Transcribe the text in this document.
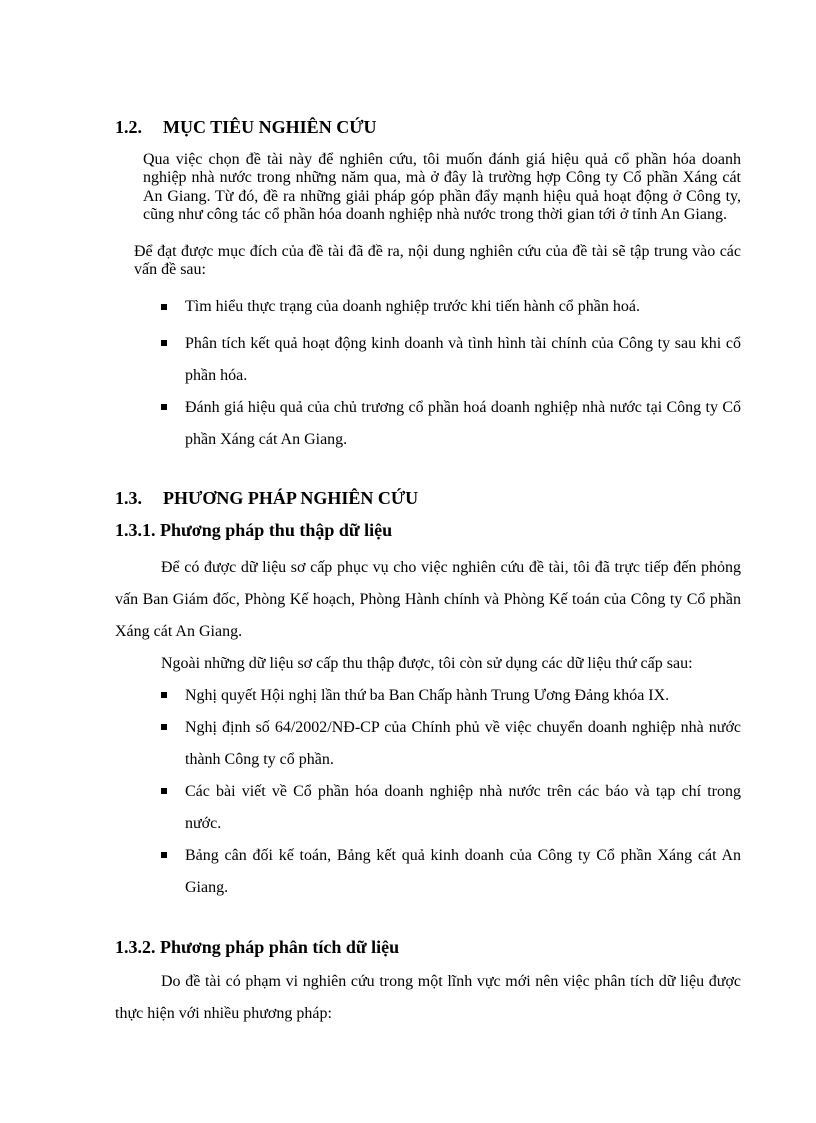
1.2. MỤC TIÊU NGHIÊN CỨU

Qua việc chọn đề tài này để nghiên cứu, tôi muốn đánh giá hiệu quả cổ phần hóa doanh nghiệp nhà nước trong những năm qua, mà ở đây là trường hợp Công ty Cổ phần Xáng cát An Giang. Từ đó, đề ra những giải pháp góp phần đẩy mạnh hiệu quả hoạt động ở Công ty, cũng như công tác cổ phần hóa doanh nghiệp nhà nước trong thời gian tới ở tỉnh An Giang.

Để đạt được mục đích của đề tài đã đề ra, nội dung nghiên cứu của đề tài sẽ tập trung vào các vấn đề sau:

Tìm hiểu thực trạng của doanh nghiệp trước khi tiến hành cổ phần hoá.
Phân tích kết quả hoạt động kinh doanh và tình hình tài chính của Công ty sau khi cổ phần hóa.
Đánh giá hiệu quả của chủ trương cổ phần hoá doanh nghiệp nhà nước tại Công ty Cổ phần Xáng cát An Giang.
1.3. PHƯƠNG PHÁP NGHIÊN CỨU
1.3.1. Phương pháp thu thập dữ liệu

Để có được dữ liệu sơ cấp phục vụ cho việc nghiên cứu đề tài, tôi đã trực tiếp đến phỏng vấn Ban Giám đốc, Phòng Kế hoạch, Phòng Hành chính và Phòng Kế toán của Công ty Cổ phần Xáng cát An Giang.

Ngoài những dữ liệu sơ cấp thu thập được, tôi còn sử dụng các dữ liệu thứ cấp sau:

Nghị quyết Hội nghị lần thứ ba Ban Chấp hành Trung Ương Đảng khóa IX.
Nghị định số 64/2002/NĐ-CP của Chính phủ về việc chuyển doanh nghiệp nhà nước thành Công ty cổ phần.
Các bài viết về Cổ phần hóa doanh nghiệp nhà nước trên các báo và tạp chí trong nước.
Bảng cân đối kế toán, Bảng kết quả kinh doanh của Công ty Cổ phần Xáng cát An Giang.
1.3.2. Phương pháp phân tích dữ liệu

Do đề tài có phạm vi nghiên cứu trong một lĩnh vực mới nên việc phân tích dữ liệu được thực hiện với nhiều phương pháp:
